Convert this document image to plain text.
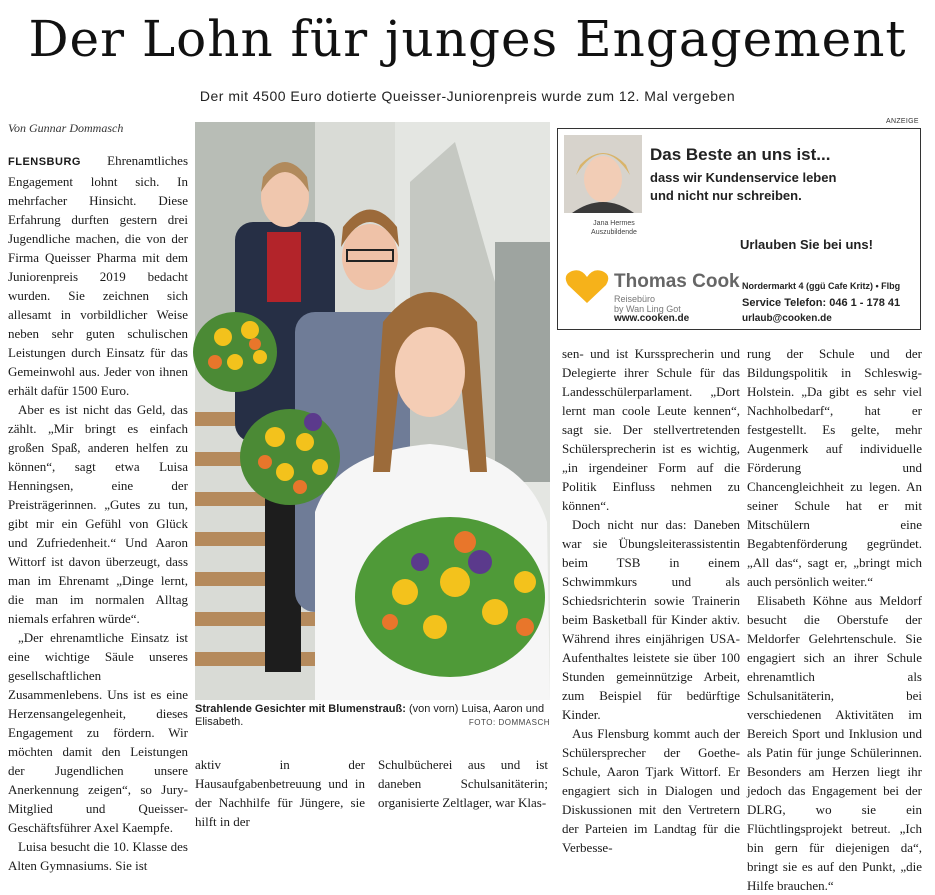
Der Lohn für junges Engagement
Der mit 4500 Euro dotierte Queisser-Juniorenpreis wurde zum 12. Mal vergeben
Von Gunnar Dommasch

FLENSBURG Ehrenamtliches Engagement lohnt sich. In mehrfacher Hinsicht. Diese Erfahrung durften gestern drei Jugendliche machen, die von der Firma Queisser Pharma mit dem Juniorenpreis 2019 bedacht wurden. Sie zeichnen sich allesamt in vorbildlicher Weise neben sehr guten schulischen Leistungen durch Einsatz für das Gemeinwohl aus. Jeder von ihnen erhält dafür 1500 Euro.

Aber es ist nicht das Geld, das zählt. „Mir bringt es einfach großen Spaß, anderen helfen zu können“, sagt etwa Luisa Henningsen, eine der Preisträgerinnen. „Gutes zu tun, gibt mir ein Gefühl von Glück und Zufriedenheit.“ Und Aaron Wittorf ist davon überzeugt, dass man im Ehrenamt „Dinge lernt, die man im normalen Alltag niemals erfahren würde“.

„Der ehrenamtliche Einsatz ist eine wichtige Säule unseres gesellschaftlichen Zusammenlebens. Uns ist es eine Herzensangelegenheit, dieses Engagement zu fördern. Wir möchten damit den Leistungen der Jugendlichen unsere Anerkennung zeigen“, so Jury-Mitglied und Queisser-Geschäftsführer Axel Kaempfe.

Luisa besucht die 10. Klasse des Alten Gymnasiums. Sie ist

Strahlende Gesichter mit Blumenstrauß: (von vorn) Luisa, Aaron und Elisabeth.	FOTO: DOMMASCH
ANZEIGE
Jana Hermes
Auszubildende
Das Beste an uns ist...
dass wir Kundenservice leben
und nicht nur schreiben.
Urlauben Sie bei uns!
Thomas Cook
Reisebüro
by Wan Ling Got
www.cooken.de
Nordermarkt 4 (ggü Cafe Kritz) • Flbg
Service Telefon: 046 1 - 178 41
urlaub@cooken.de

sen- und ist Kurssprecherin und Delegierte ihrer Schule für das Landesschülerparlament. „Dort lernt man coole Leute kennen“, sagt sie. Der stellvertretenden Schülersprecherin ist es wichtig, „in irgendeiner Form auf die Politik Einfluss nehmen zu können“.

Doch nicht nur das: Daneben war sie Übungsleiterassistentin beim TSB in einem Schwimmkurs und als Schiedsrichterin sowie Trainerin beim Basketball für Kinder aktiv. Während ihres einjährigen USA-Aufenthaltes leistete sie über 100 Stunden gemeinnützige Arbeit, zum Beispiel für bedürftige Kinder.

Aus Flensburg kommt auch der Schülersprecher der Goethe-Schule, Aaron Tjark Wittorf. Er engagiert sich in Dialogen und Diskussionen mit den Vertretern der Parteien im Landtag für die Verbesse-

rung der Schule und der Bildungspolitik in Schleswig-Holstein. „Da gibt es sehr viel Nachholbedarf“, hat er festgestellt. Es gelte, mehr Augenmerk auf individuelle Förderung und Chancengleichheit zu legen. An seiner Schule hat er mit Mitschülern eine Begabtenförderung gegründet. „All das“, sagt er, „bringt mich auch persönlich weiter.“

Elisabeth Köhne aus Meldorf besucht die Oberstufe der Meldorfer Gelehrtenschule. Sie engagiert sich an ihrer Schule ehrenamtlich als Schulsanitäterin, bei verschiedenen Aktivitäten im Bereich Sport und Inklusion und als Patin für junge Schülerinnen. Besonders am Herzen liegt ihr jedoch das Engagement bei der DLRG, wo sie ein Flüchtlingsprojekt betreut. „Ich bin gern für diejenigen da“, bringt sie es auf den Punkt, „die Hilfe brauchen.“

aktiv in der Hausaufgabenbetreuung und in der Nachhilfe für Jüngere, sie hilft in der

Schulbücherei aus und ist daneben Schulsanitäterin; organisierte Zeltlager, war Klas-
